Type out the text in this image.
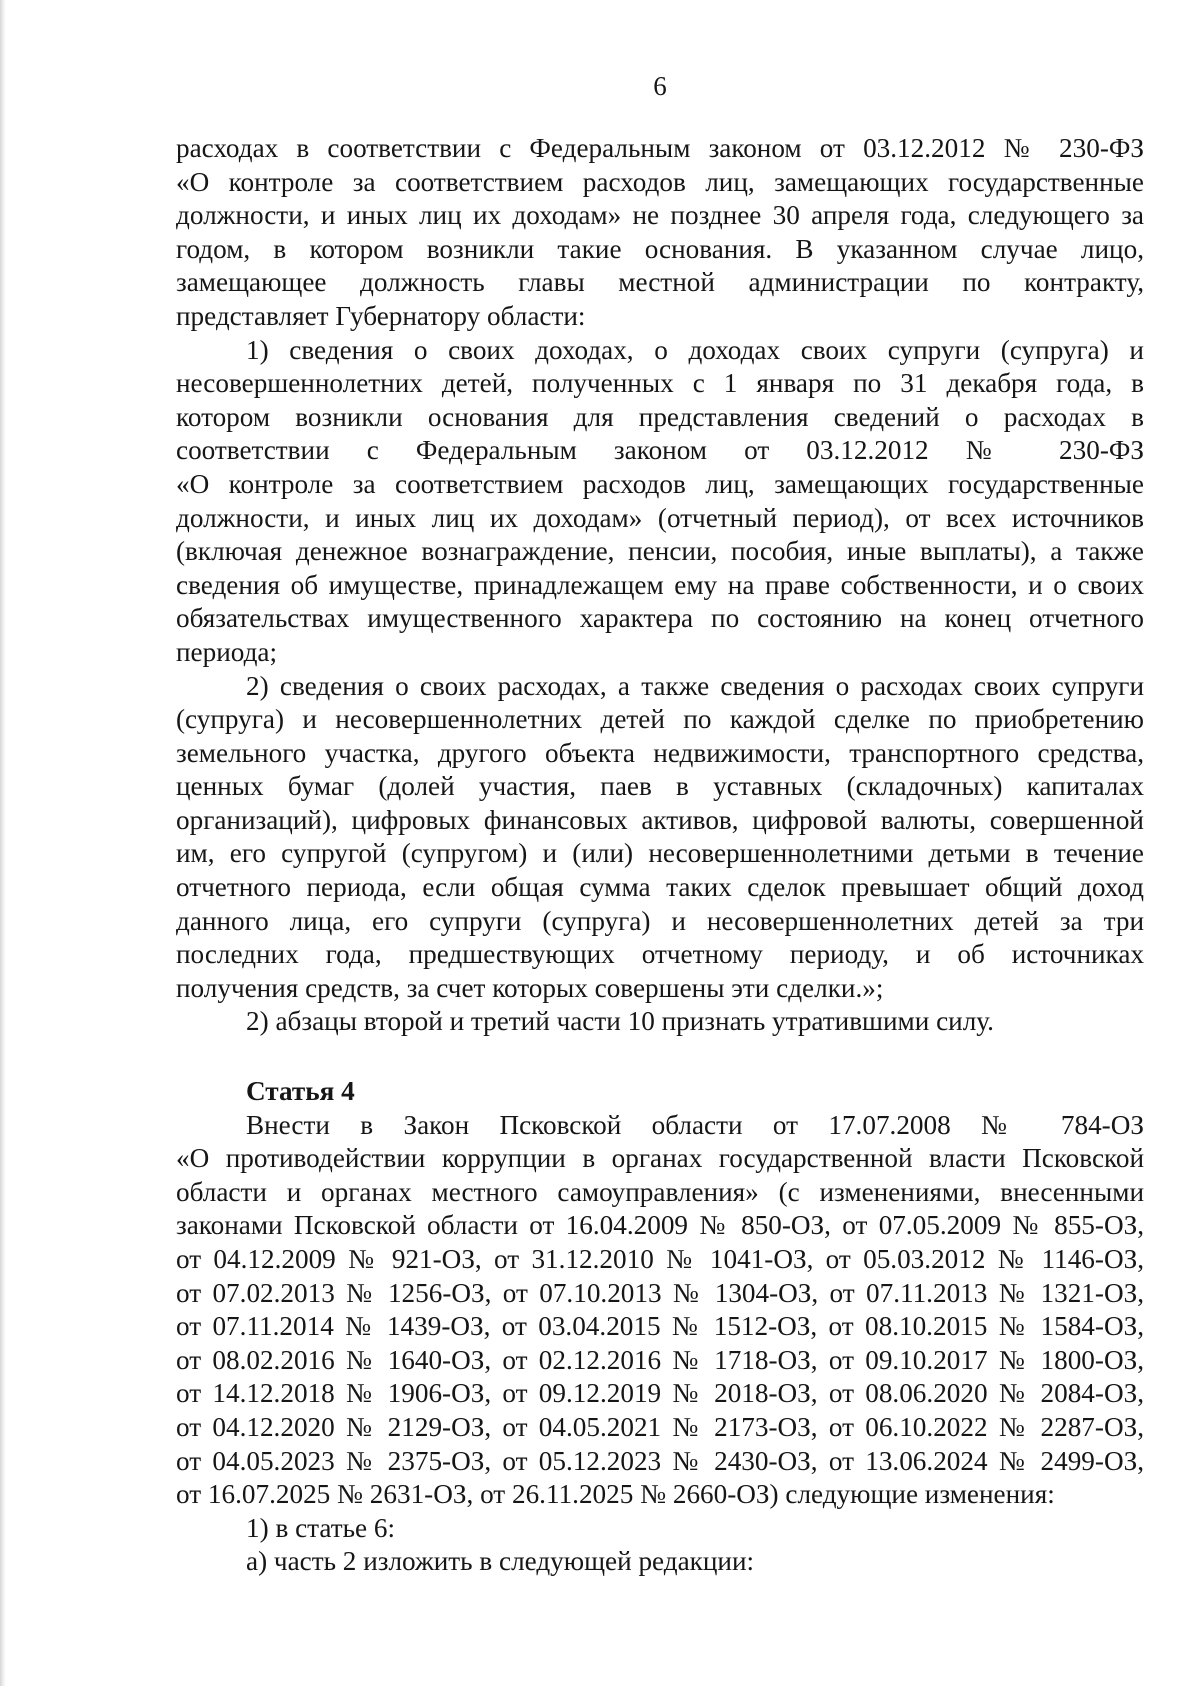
6
расходах в соответствии с Федеральным законом от 03.12.2012 № 230-ФЗ
«О контроле за соответствием расходов лиц, замещающих государственные
должности, и иных лиц их доходам» не позднее 30 апреля года, следующего за
годом, в котором возникли такие основания. В указанном случае лицо,
замещающее должность главы местной администрации по контракту,
представляет Губернатору области:
1) сведения о своих доходах, о доходах своих супруги (супруга) и
несовершеннолетних детей, полученных с 1 января по 31 декабря года, в
котором возникли основания для представления сведений о расходах в
соответствии с Федеральным законом от 03.12.2012 № 230-ФЗ
«О контроле за соответствием расходов лиц, замещающих государственные
должности, и иных лиц их доходам» (отчетный период), от всех источников
(включая денежное вознаграждение, пенсии, пособия, иные выплаты), а также
сведения об имуществе, принадлежащем ему на праве собственности, и о своих
обязательствах имущественного характера по состоянию на конец отчетного
периода;
2) сведения о своих расходах, а также сведения о расходах своих супруги
(супруга) и несовершеннолетних детей по каждой сделке по приобретению
земельного участка, другого объекта недвижимости, транспортного средства,
ценных бумаг (долей участия, паев в уставных (складочных) капиталах
организаций), цифровых финансовых активов, цифровой валюты, совершенной
им, его супругой (супругом) и (или) несовершеннолетними детьми в течение
отчетного периода, если общая сумма таких сделок превышает общий доход
данного лица, его супруги (супруга) и несовершеннолетних детей за три
последних года, предшествующих отчетному периоду, и об источниках
получения средств, за счет которых совершены эти сделки.»;
2) абзацы второй и третий части 10 признать утратившими силу.
Статья 4
Внести в Закон Псковской области от 17.07.2008 № 784-ОЗ
«О противодействии коррупции в органах государственной власти Псковской
области и органах местного самоуправления» (с изменениями, внесенными
законами Псковской области от 16.04.2009 № 850-ОЗ, от 07.05.2009 № 855-ОЗ,
от 04.12.2009 № 921-ОЗ, от 31.12.2010 № 1041-ОЗ, от 05.03.2012 № 1146-ОЗ,
от 07.02.2013 № 1256-ОЗ, от 07.10.2013 № 1304-ОЗ, от 07.11.2013 № 1321-ОЗ,
от 07.11.2014 № 1439-ОЗ, от 03.04.2015 № 1512-ОЗ, от 08.10.2015 № 1584-ОЗ,
от 08.02.2016 № 1640-ОЗ, от 02.12.2016 № 1718-ОЗ, от 09.10.2017 № 1800-ОЗ,
от 14.12.2018 № 1906-ОЗ, от 09.12.2019 № 2018-ОЗ, от 08.06.2020 № 2084-ОЗ,
от 04.12.2020 № 2129-ОЗ, от 04.05.2021 № 2173-ОЗ, от 06.10.2022 № 2287-ОЗ,
от 04.05.2023 № 2375-ОЗ, от 05.12.2023 № 2430-ОЗ, от 13.06.2024 № 2499-ОЗ,
от 16.07.2025 № 2631-ОЗ, от 26.11.2025 № 2660-ОЗ) следующие изменения:
1) в статье 6:
а) часть 2 изложить в следующей редакции:
